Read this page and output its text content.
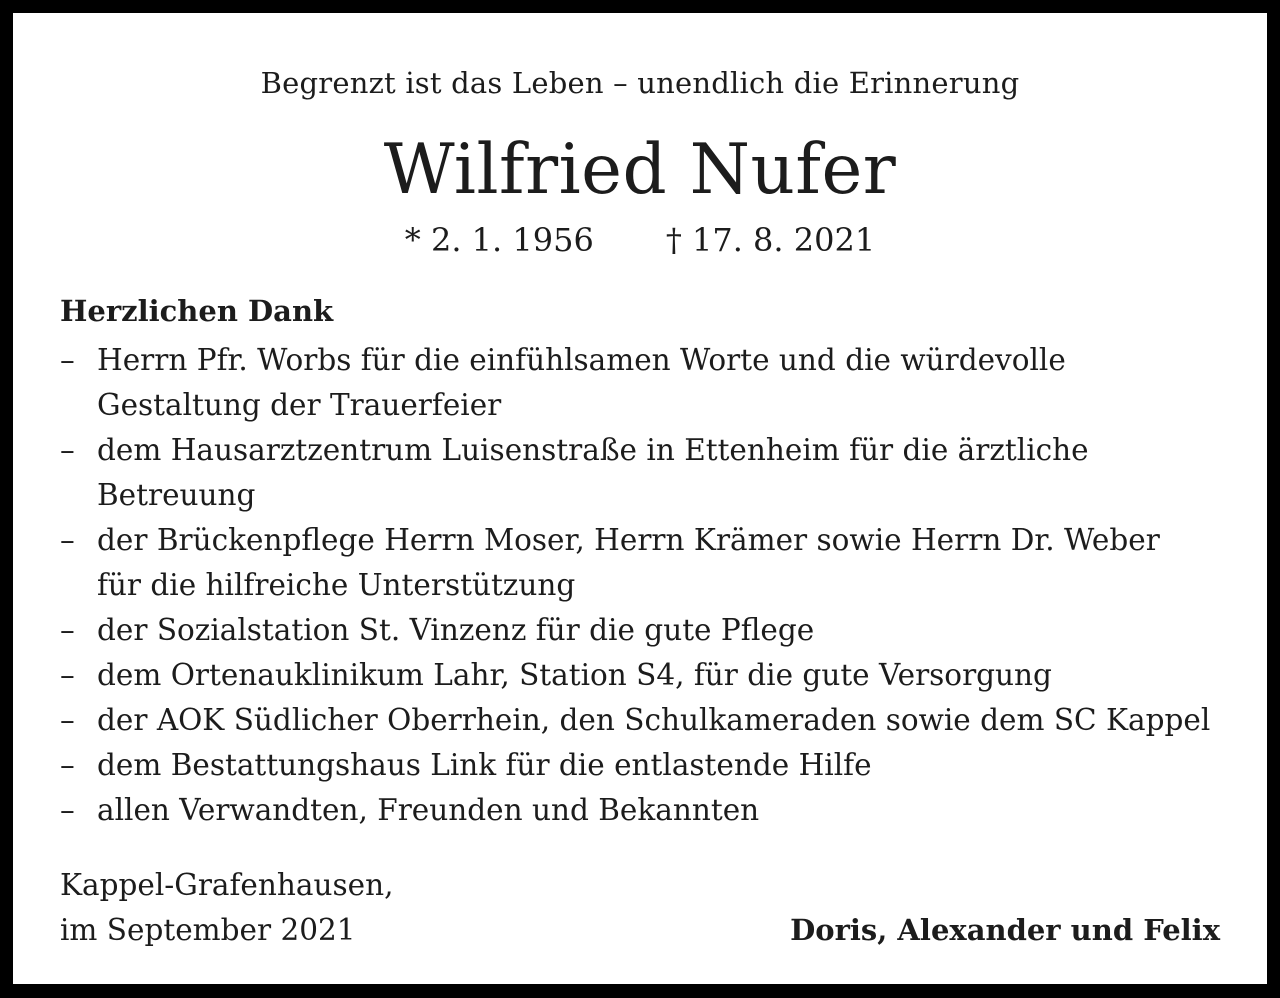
Begrenzt ist das Leben – unendlich die Erinnerung
Wilfried Nufer
* 2. 1. 1956 † 17. 8. 2021
Herzlichen Dank
– Herrn Pfr. Worbs für die einfühlsamen Worte und die würdevolle
Gestaltung der Trauerfeier
– dem Hausarztzentrum Luisenstraße in Ettenheim für die ärztliche
Betreuung
– der Brückenpflege Herrn Moser, Herrn Krämer sowie Herrn Dr. Weber
für die hilfreiche Unterstützung
– der Sozialstation St. Vinzenz für die gute Pflege
– dem Ortenauklinikum Lahr, Station S4, für die gute Versorgung
– der AOK Südlicher Oberrhein, den Schulkameraden sowie dem SC Kappel
– dem Bestattungshaus Link für die entlastende Hilfe
– allen Verwandten, Freunden und Bekannten
Kappel-Grafenhausen,
im September 2021	Doris, Alexander und Felix
